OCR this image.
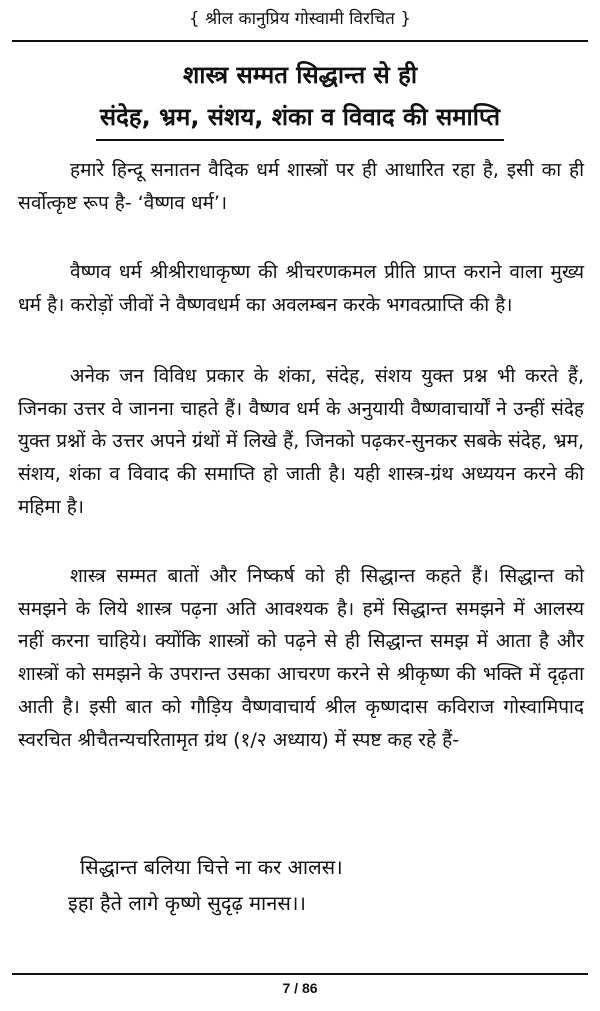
{ श्रील कानुप्रिय गोस्वामी विरचित }
शास्त्र सम्मत सिद्धान्त से ही
संदेह, भ्रम, संशय, शंका व विवाद की समाप्ति

हमारे हिन्दू सनातन वैदिक धर्म शास्त्रों पर ही आधारित रहा है, इसी का ही सर्वोत्कृष्ट रूप है- ‘वैष्णव धर्म’।

वैष्णव धर्म श्रीश्रीराधाकृष्ण की श्रीचरणकमल प्रीति प्राप्त कराने वाला मुख्य धर्म है। करोड़ों जीवों ने वैष्णवधर्म का अवलम्बन करके भगवत्प्राप्ति की है।

अनेक जन विविध प्रकार के शंका, संदेह, संशय युक्त प्रश्न भी करते हैं, जिनका उत्तर वे जानना चाहते हैं। वैष्णव धर्म के अनुयायी वैष्णवाचार्यों ने उन्हीं संदेह युक्त प्रश्नों के उत्तर अपने ग्रंथों में लिखे हैं, जिनको पढ़कर-सुनकर सबके संदेह, भ्रम, संशय, शंका व विवाद की समाप्ति हो जाती है। यही शास्त्र-ग्रंथ अध्ययन करने की महिमा है।

शास्त्र सम्मत बातों और निष्कर्ष को ही सिद्धान्त कहते हैं। सिद्धान्त को समझने के लिये शास्त्र पढ़ना अति आवश्यक है। हमें सिद्धान्त समझने में आलस्य नहीं करना चाहिये। क्योंकि शास्त्रों को पढ़ने से ही सिद्धान्त समझ में आता है और शास्त्रों को समझने के उपरान्त उसका आचरण करने से श्रीकृष्ण की भक्ति में दृढ़ता आती है। इसी बात को गौड़िय वैष्णवाचार्य श्रील कृष्णदास कविराज गोस्वामिपाद स्वरचित श्रीचैतन्यचरितामृत ग्रंथ (१/२ अध्याय) में स्पष्ट कह रहे हैं-

सिद्धान्त बलिया चित्ते ना कर आलस।

इहा हैते लागे कृष्णे सुदृढ़ मानस।।

7 / 86
